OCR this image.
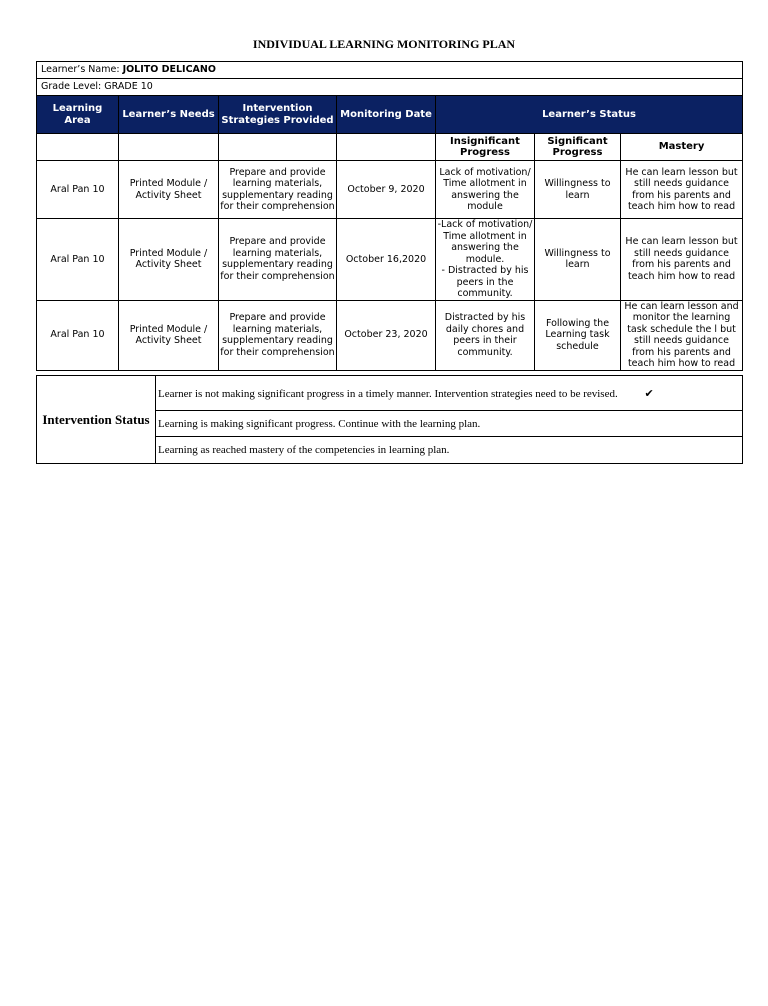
INDIVIDUAL LEARNING MONITORING PLAN
Learner’s Name: JOLITO DELICANO						
Grade Level: GRADE 10						
Learning Area	Learner’s Needs	Intervention Strategies Provided	Monitoring Date	Learner’s Status		
				Insignificant Progress	Significant Progress	Mastery
Aral Pan 10	Printed Module / Activity Sheet	Prepare and provide learning materials, supplementary reading for their comprehension	October 9, 2020	Lack of motivation/ Time allotment in answering the module	Willingness to learn	He can learn lesson but still needs guidance from his parents and teach him how to read
Aral Pan 10	Printed Module / Activity Sheet	Prepare and provide learning materials, supplementary reading for their comprehension	October 16,2020	-Lack of motivation/ Time allotment in answering the module.
- Distracted by his peers in the community.	Willingness to learn	He can learn lesson but still needs guidance from his parents and teach him how to read
Aral Pan 10	Printed Module / Activity Sheet	Prepare and provide learning materials, supplementary reading for their comprehension	October 23, 2020	Distracted by his daily chores and peers in their community.	Following the Learning task schedule	He can learn lesson and monitor the learning task schedule the l but still needs guidance from his parents and teach him how to read
Intervention Status	Learner is not making significant progress in a timely manner. Intervention strategies need to be revised. ✔
Learning is making significant progress. Continue with the learning plan.
Learning as reached mastery of the competencies in learning plan.
